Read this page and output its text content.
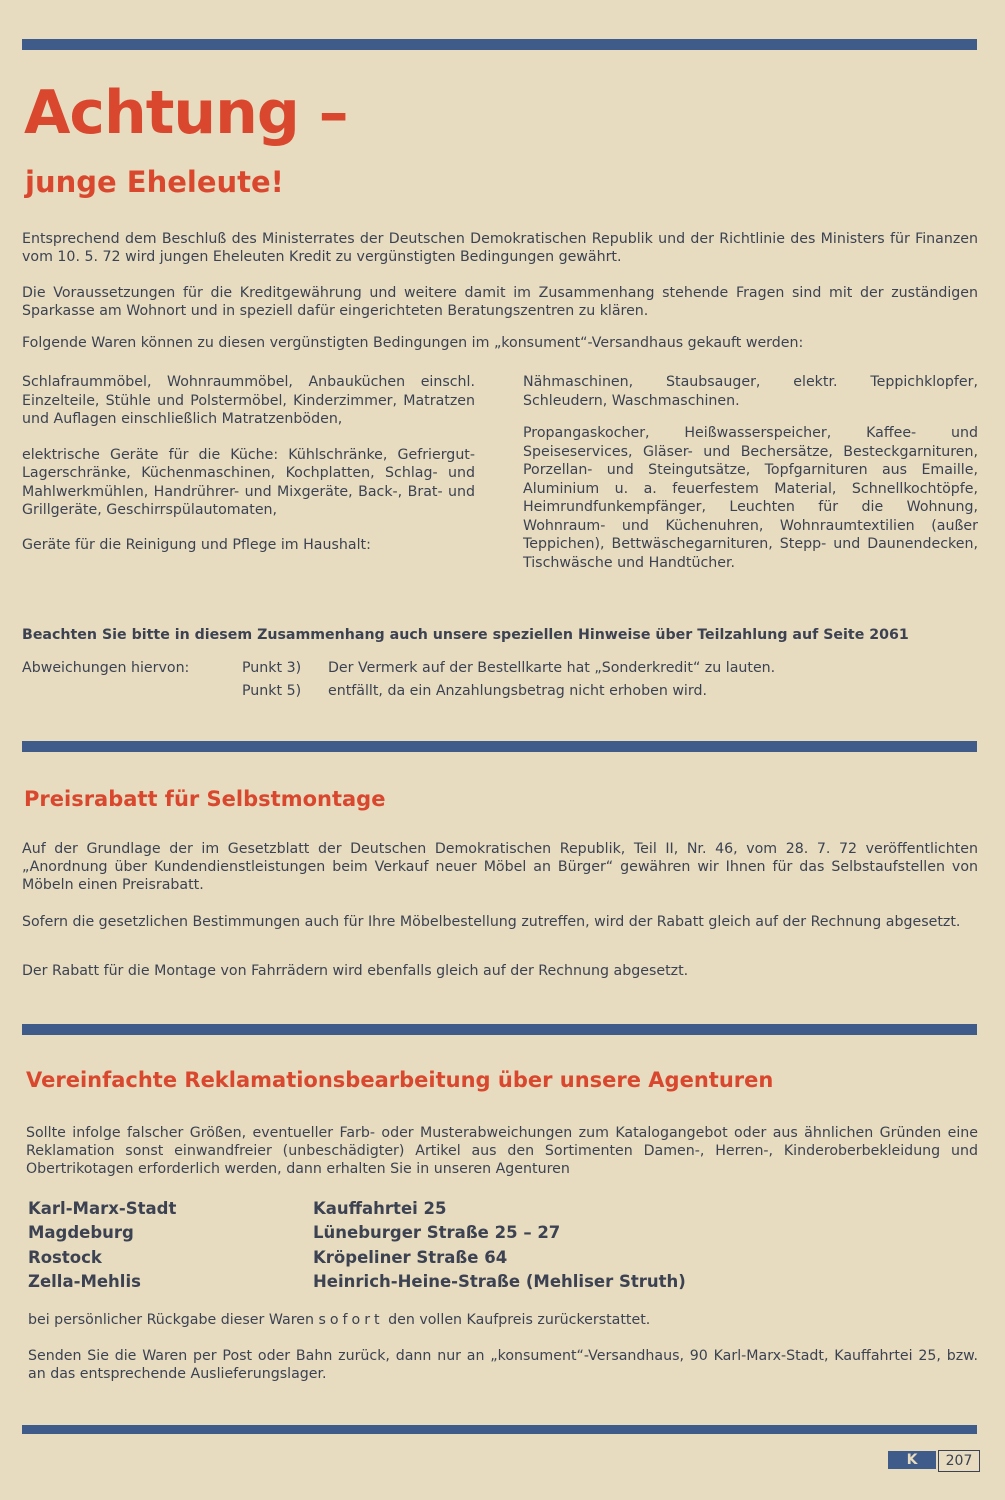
Achtung –
junge Eheleute!

Entsprechend dem Beschluß des Ministerrates der Deutschen Demokratischen Republik und der Richtlinie des Ministers für Finanzen vom 10. 5. 72 wird jungen Eheleuten Kredit zu vergünstigten Bedingungen gewährt.

Die Voraussetzungen für die Kreditgewährung und weitere damit im Zusammenhang stehende Fragen sind mit der zuständigen Sparkasse am Wohnort und in speziell dafür eingerichteten Beratungszentren zu klären.

Folgende Waren können zu diesen vergünstigten Bedingungen im „konsument“-Versandhaus gekauft werden:

Schlafraummöbel, Wohnraummöbel, Anbauküchen einschl. Einzelteile, Stühle und Polstermöbel, Kinderzimmer, Matratzen und Auflagen einschließlich Matratzenböden,

elektrische Geräte für die Küche: Kühlschränke, Gefriergut-Lagerschränke, Küchenmaschinen, Kochplatten, Schlag- und Mahlwerkmühlen, Handrührer- und Mixgeräte, Back-, Brat- und Grillgeräte, Geschirrspülautomaten,

Geräte für die Reinigung und Pflege im Haushalt:

Nähmaschinen, Staubsauger, elektr. Teppichklopfer, Schleudern, Waschmaschinen.

Propangaskocher, Heißwasserspeicher, Kaffee- und Speiseservices, Gläser- und Bechersätze, Besteckgarnituren, Porzellan- und Steingutsätze, Topfgarnituren aus Emaille, Aluminium u. a. feuerfestem Material, Schnellkochtöpfe, Heimrundfunkempfänger, Leuchten für die Wohnung, Wohnraum- und Küchenuhren, Wohnraumtextilien (außer Teppichen), Bettwäschegarnituren, Stepp- und Daunendecken, Tischwäsche und Handtücher.

Beachten Sie bitte in diesem Zusammenhang auch unsere speziellen Hinweise über Teilzahlung auf Seite 2061
Abweichungen hiervon:	Punkt 3) Der Vermerk auf der Bestellkarte hat „Sonderkredit“ zu lauten.
Punkt 5) entfällt, da ein Anzahlungsbetrag nicht erhoben wird.
Preisrabatt für Selbstmontage

Auf der Grundlage der im Gesetzblatt der Deutschen Demokratischen Republik, Teil II, Nr. 46, vom 28. 7. 72 veröffentlichten „Anordnung über Kundendienstleistungen beim Verkauf neuer Möbel an Bürger“ gewähren wir Ihnen für das Selbstaufstellen von Möbeln einen Preisrabatt.

Sofern die gesetzlichen Bestimmungen auch für Ihre Möbelbestellung zutreffen, wird der Rabatt gleich auf der Rechnung abgesetzt.

Der Rabatt für die Montage von Fahrrädern wird ebenfalls gleich auf der Rechnung abgesetzt.

Vereinfachte Reklamationsbearbeitung über unsere Agenturen

Sollte infolge falscher Größen, eventueller Farb- oder Musterabweichungen zum Katalogangebot oder aus ähnlichen Gründen eine Reklamation sonst einwandfreier (unbeschädigter) Artikel aus den Sortimenten Damen-, Herren-, Kinderoberbekleidung und Obertrikotagen erforderlich werden, dann erhalten Sie in unseren Agenturen

Karl-Marx-Stadt	Kauffahrtei 25
Magdeburg	Lüneburger Straße 25 – 27
Rostock	Kröpeliner Straße 64
Zella-Mehlis	Heinrich-Heine-Straße (Mehliser Struth)

bei persönlicher Rückgabe dieser Waren sofort den vollen Kaufpreis zurückerstattet.

Senden Sie die Waren per Post oder Bahn zurück, dann nur an „konsument“-Versandhaus, 90 Karl-Marx-Stadt, Kauffahrtei 25, bzw. an das entsprechende Auslieferungslager.

K	207
